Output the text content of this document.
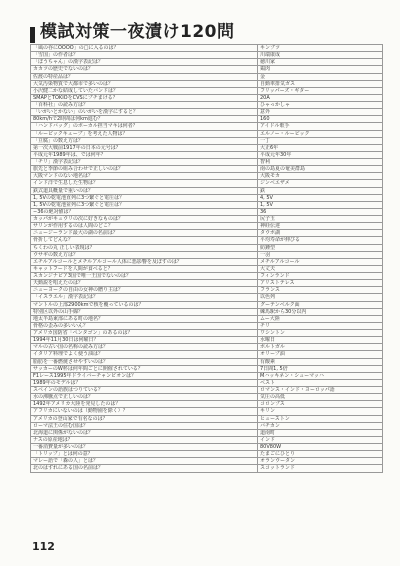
模試対策一夜漬け120問
「風の谷にOOOO」の□に入るのは？	キンブツ
「雪国」の作者は？	川端康成
「ぼうちゃん」の漢字表記は？	徳川家
カカツの歴史でないのは？	鶏肉
佐渡の特産品は？	金
大気汚染物質で大都市で多いのは？	自動車排気ガス
小沢健二かな結成していたバンドは？	フリッパーズ・ギター
SMAPとTOKIOをCVSにブチまける？	20A
「百科社」の読み方は？	ひゃっかしゃ
「いがいとかない」のいがいを漢字にすると？	意外
80km/hで2時間は何km進む？	160
「ハンドバッグ」のボーカル担当マキは何者？	アイドル歌手
「ルービックキューブ」を考えた人物は？	エルノー・ルービック
「豆腐」の数え方は？	一丁
第一次大戦前1917年の日本の元号は？	大正6年
平成元年1989年は、では何年？	平成元年30年
「チリ」漢字表記は？	智利
旅先と季節の組み合わせで正しいのは？	南の島夏の奄美群島
大阪マンドのない地名は？	大阪モカ
インド洋で生息した生物は？	ジンベエザメ
鉄式道具概量で重いのは？	鉄
1, 5Vの乾電池直列に3つ繋ぐと電圧は？	4, 5V
1, 5Vの乾電池並列に3つ繋ぐと電圧は？	1, 5V
−36の絶対値は？	36
カッパがキュウリの次に好きなものは？	尻子玉
サリンが作用するのは人間のどこ？	神経伝達
ニュージーランド最大の湖の名前は？	タウポ湖
骨折してどんな？	平均寿命が伸びる
ちくわの丸 正しい表現は？	紡錘型
ウサギの数え方は？	一羽
エチルアルコールとメチルアルコール人体に悪影響を及ぼすのは？	メチルアルコール
キャットフードを人間が食べると？	大丈夫
スカンジナビア3国で唯一王国でないのは？	フィンランド
天動説を唱えたのは？	アリストテレス
ニューヨークの自由の女神の贈り主は？	フランス
「イスラエル」漢字表記は？	以色列
マントルの上部2900kmで核を覆っているのは？	グーテンベルク面
特別区以外の山手線？	練馬駅から30分以内
地太半島東部にある町の地名？	ムー大陸
骨格の歪みの多いいん？	チリ
アメリカ国防省「ペンタゴン」のあるのは？	ワシントン
1994年11月30日は何曜日？	水曜日
マルの古い国の名称の読み方は？	ポルトガル
イタリア料理でよく使う油は？	オリーブ油
脂肪を一番燃焼させやすいのは？	有酸素
サッカーのW杯は何年間ごとに開催されている？	7日間1, 5倍
F1レース1995年ドライバーチャンピオンは？	Mハッキネン・シューマッハ
1989年のモデルは？	ベスト
スペインの語族はつりている？	ロマンス・インド・ヨーロッパ語
水の沸騰点で正しいのは？	気圧の高低
1492年アメリカ大陸を発見したのは？	コロンブス
アフリカにいないのは（動物園を除く）？	キリン
アメリカの登山家で有名なのは？	ヒューストン
ローマ法王の住む国は？	バチカン
北海道に関係がないのは？	道南町
ナスの原産地は？	インド
一番消費量が多いのは？	80V80W
「トリップ」とは何の意？	たまごにひとり
マレー語で「森の人」とは？	オランウータン
北のはずれにある国の名前は？	スコットランド
112
